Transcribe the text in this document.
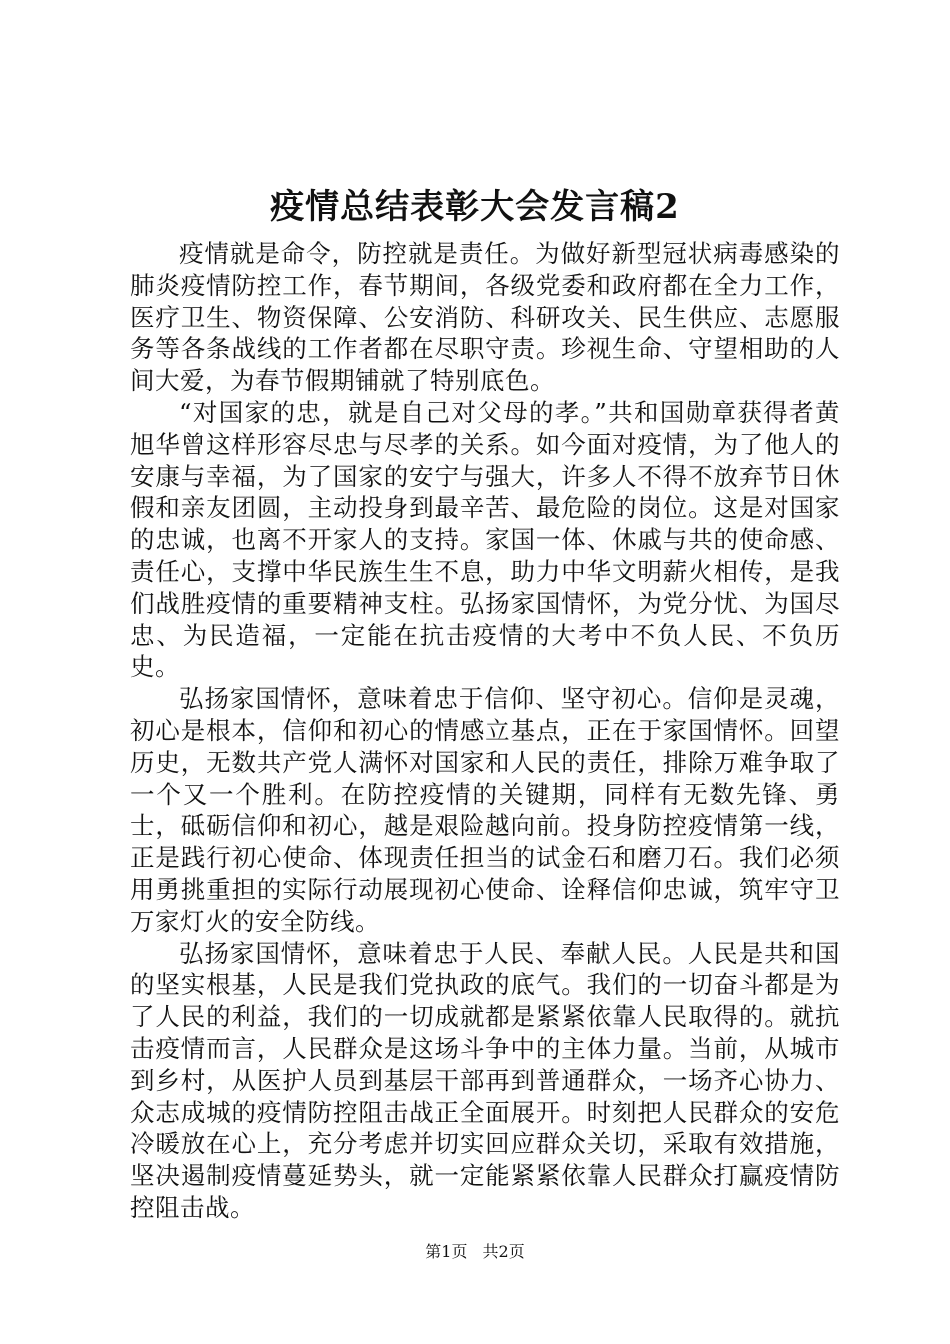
疫情总结表彰大会发言稿2

疫情就是命令，防控就是责任。为做好新型冠状病毒感染的肺炎疫情防控工作，春节期间，各级党委和政府都在全力工作，医疗卫生、物资保障、公安消防、科研攻关、民生供应、志愿服务等各条战线的工作者都在尽职守责。珍视生命、守望相助的人间大爱，为春节假期铺就了特别底色。

“对国家的忠，就是自己对父母的孝。”共和国勋章获得者黄旭华曾这样形容尽忠与尽孝的关系。如今面对疫情，为了他人的安康与幸福，为了国家的安宁与强大，许多人不得不放弃节日休假和亲友团圆，主动投身到最辛苦、最危险的岗位。这是对国家的忠诚，也离不开家人的支持。家国一体、休戚与共的使命感、责任心，支撑中华民族生生不息，助力中华文明薪火相传，是我们战胜疫情的重要精神支柱。弘扬家国情怀，为党分忧、为国尽忠、为民造福，一定能在抗击疫情的大考中不负人民、不负历史。

弘扬家国情怀，意味着忠于信仰、坚守初心。信仰是灵魂，初心是根本，信仰和初心的情感立基点，正在于家国情怀。回望历史，无数共产党人满怀对国家和人民的责任，排除万难争取了一个又一个胜利。在防控疫情的关键期，同样有无数先锋、勇士，砥砺信仰和初心，越是艰险越向前。投身防控疫情第一线，正是践行初心使命、体现责任担当的试金石和磨刀石。我们必须用勇挑重担的实际行动展现初心使命、诠释信仰忠诚，筑牢守卫万家灯火的安全防线。

弘扬家国情怀，意味着忠于人民、奉献人民。人民是共和国的坚实根基，人民是我们党执政的底气。我们的一切奋斗都是为了人民的利益，我们的一切成就都是紧紧依靠人民取得的。就抗击疫情而言，人民群众是这场斗争中的主体力量。当前，从城市到乡村，从医护人员到基层干部再到普通群众，一场齐心协力、众志成城的疫情防控阻击战正全面展开。时刻把人民群众的安危冷暖放在心上，充分考虑并切实回应群众关切，采取有效措施，坚决遏制疫情蔓延势头，就一定能紧紧依靠人民群众打赢疫情防控阻击战。

第1页 共2页
